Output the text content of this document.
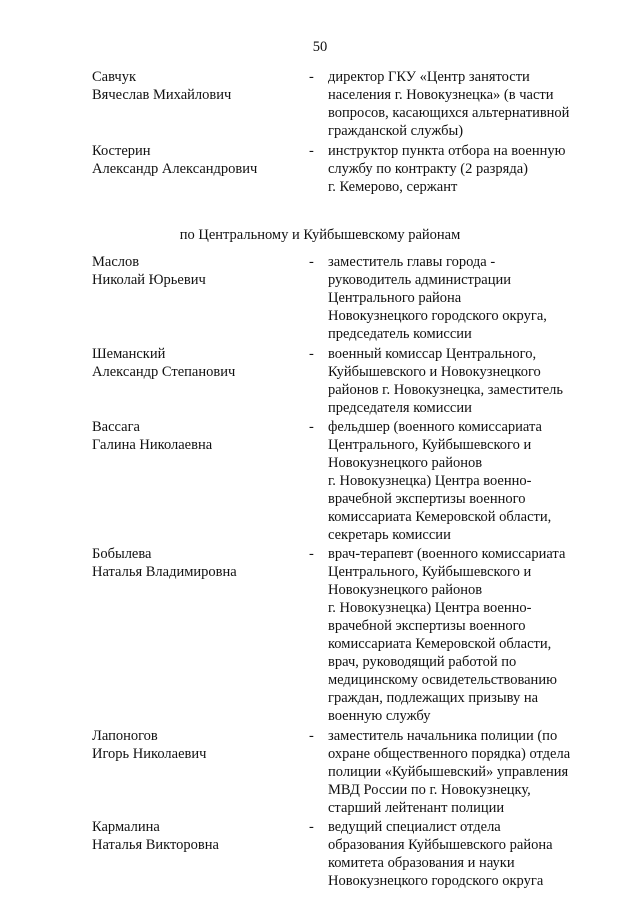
50
Савчук
Вячеслав Михайлович
- директор ГКУ «Центр занятости
населения г. Новокузнецка» (в части
вопросов, касающихся альтернативной
гражданской службы)
Костерин
Александр Александрович
- инструктор пункта отбора на военную
службу по контракту (2 разряда)
г. Кемерово, сержант
по Центральному и Куйбышевскому районам
Маслов
Николай Юрьевич
- заместитель главы города -
руководитель администрации
Центрального района
Новокузнецкого городского округа,
председатель комиссии
Шеманский
Александр Степанович
- военный комиссар Центрального,
Куйбышевского и Новокузнецкого
районов г. Новокузнецка, заместитель
председателя комиссии
Вассага
Галина Николаевна
- фельдшер (военного комиссариата
Центрального, Куйбышевского и
Новокузнецкого районов
г. Новокузнецка) Центра военно-
врачебной экспертизы военного
комиссариата Кемеровской области,
секретарь комиссии
Бобылева
Наталья Владимировна
- врач-терапевт (военного комиссариата
Центрального, Куйбышевского и
Новокузнецкого районов
г. Новокузнецка) Центра военно-
врачебной экспертизы военного
комиссариата Кемеровской области,
врач, руководящий работой по
медицинскому освидетельствованию
граждан, подлежащих призыву на
военную службу
Лапоногов
Игорь Николаевич
- заместитель начальника полиции (по
охране общественного порядка) отдела
полиции «Куйбышевский» управления
МВД России по г. Новокузнецку,
старший лейтенант полиции
Кармалина
Наталья Викторовна
- ведущий специалист отдела
образования Куйбышевского района
комитета образования и науки
Новокузнецкого городского округа
